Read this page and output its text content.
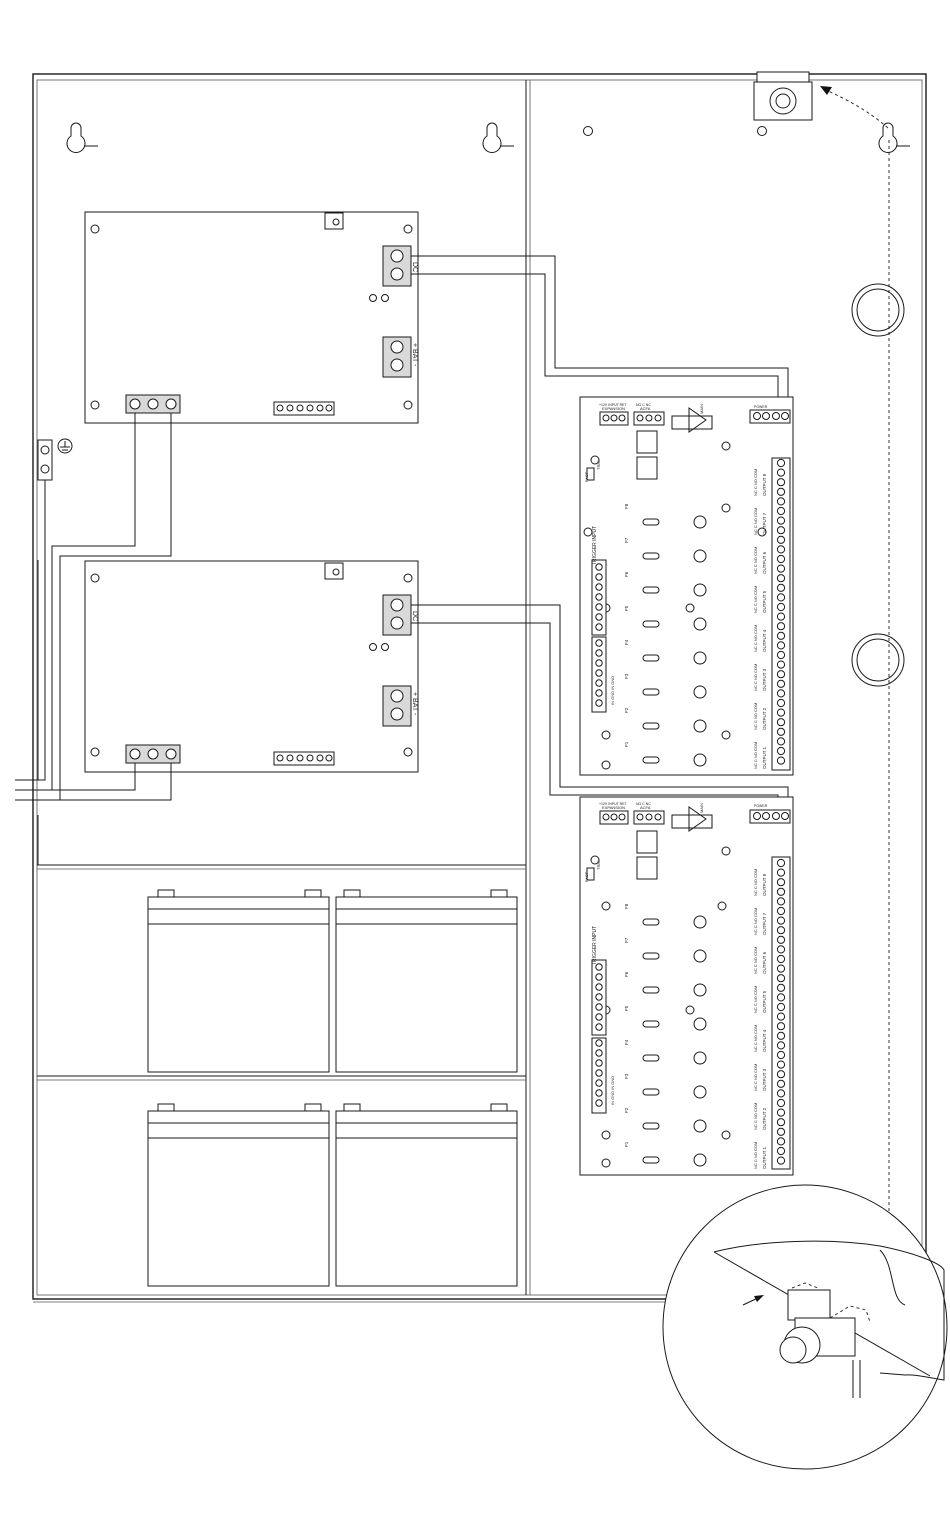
DC
+ BAT -
DC
+ BAT -
EXPANSION
+12V INPUT RET
ACFA
NO C NC	MAIN	POWER
FACP
TRIG
TRIGGER INPUT
IN GND IN GND
OUTPUT 1
NC C NO COM
OUTPUT 2
NC C NO COM
OUTPUT 3
NC C NO COM
OUTPUT 4
NC C NO COM
OUTPUT 5
NC C NO COM
OUTPUT 6
NC C NO COM
OUTPUT 7
NC C NO COM
OUTPUT 8
NC C NO COM
F1
F2
F3
F4
F5
F6
F7
F8
EXPANSION
+12V INPUT RET
ACFA
NO C NC	MAIN	POWER
FACP
TRIG
TRIGGER INPUT
IN GND IN GND
OUTPUT 1
NC C NO COM
OUTPUT 2
NC C NO COM
OUTPUT 3
NC C NO COM
OUTPUT 4
NC C NO COM
OUTPUT 5
NC C NO COM
OUTPUT 6
NC C NO COM
OUTPUT 7
NC C NO COM
OUTPUT 8
NC C NO COM
F1
F2
F3
F4
F5
F6
F7
F8
